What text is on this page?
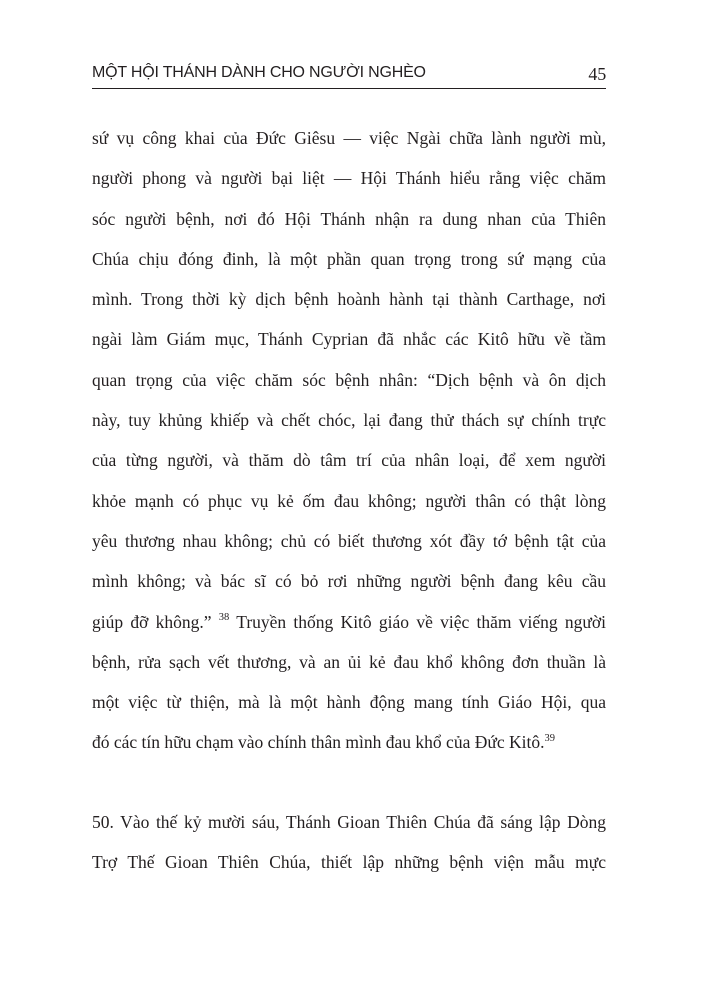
MỘT HỘI THÁNH DÀNH CHO NGƯỜI NGHÈO	45

sứ vụ công khai của Đức Giêsu — việc Ngài chữa lành người mù,
người phong và người bại liệt — Hội Thánh hiểu rằng việc chăm
sóc người bệnh, nơi đó Hội Thánh nhận ra dung nhan của Thiên
Chúa chịu đóng đinh, là một phần quan trọng trong sứ mạng của
mình. Trong thời kỳ dịch bệnh hoành hành tại thành Carthage, nơi
ngài làm Giám mục, Thánh Cyprian đã nhắc các Kitô hữu về tầm
quan trọng của việc chăm sóc bệnh nhân: “Dịch bệnh và ôn dịch
này, tuy khủng khiếp và chết chóc, lại đang thử thách sự chính trực
của từng người, và thăm dò tâm trí của nhân loại, để xem người
khỏe mạnh có phục vụ kẻ ốm đau không; người thân có thật lòng
yêu thương nhau không; chủ có biết thương xót đầy tớ bệnh tật của
mình không; và bác sĩ có bỏ rơi những người bệnh đang kêu cầu
giúp đỡ không.” $^{38}$ Truyền thống Kitô giáo về việc thăm viếng người
bệnh, rửa sạch vết thương, và an ủi kẻ đau khổ không đơn thuần là
một việc từ thiện, mà là một hành động mang tính Giáo Hội, qua
đó các tín hữu chạm vào chính thân mình đau khổ của Đức Kitô.$^{39}$

50. Vào thế kỷ mười sáu, Thánh Gioan Thiên Chúa đã sáng lập Dòng
Trợ Thế Gioan Thiên Chúa, thiết lập những bệnh viện mẫu mực
